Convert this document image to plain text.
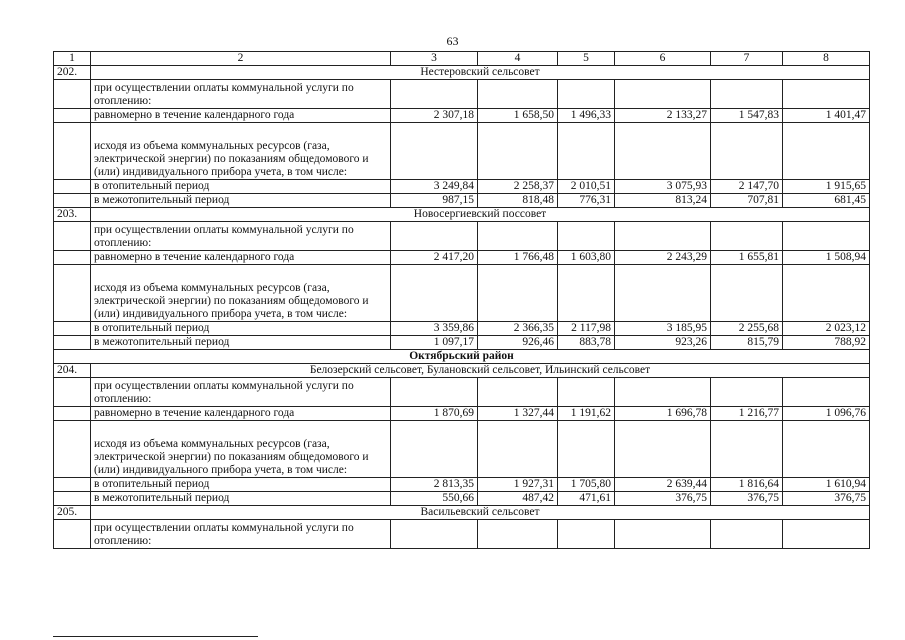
63
1	2	3	4	5	6	7	8
202.	Нестеровский сельсовет						
	при осуществлении оплаты коммунальной услуги по отоплению:						
	равномерно в течение календарного года	2 307,18	1 658,50	1 496,33	2 133,27	1 547,83	1 401,47
	исходя из объема коммунальных ресурсов (газа, электрической энергии) по показаниям общедомового и (или) индивидуального прибора учета, в том числе:						
	в отопительный период	3 249,84	2 258,37	2 010,51	3 075,93	2 147,70	1 915,65
	в межотопительный период	987,15	818,48	776,31	813,24	707,81	681,45
203.	Новосергиевский поссовет						
	при осуществлении оплаты коммунальной услуги по отоплению:						
	равномерно в течение календарного года	2 417,20	1 766,48	1 603,80	2 243,29	1 655,81	1 508,94
	исходя из объема коммунальных ресурсов (газа, электрической энергии) по показаниям общедомового и (или) индивидуального прибора учета, в том числе:						
	в отопительный период	3 359,86	2 366,35	2 117,98	3 185,95	2 255,68	2 023,12
	в межотопительный период	1 097,17	926,46	883,78	923,26	815,79	788,92
Октябрьский район							
204.	Белозерский сельсовет, Булановский сельсовет, Ильинский сельсовет						
	при осуществлении оплаты коммунальной услуги по отоплению:						
	равномерно в течение календарного года	1 870,69	1 327,44	1 191,62	1 696,78	1 216,77	1 096,76
	исходя из объема коммунальных ресурсов (газа, электрической энергии) по показаниям общедомового и (или) индивидуального прибора учета, в том числе:						
	в отопительный период	2 813,35	1 927,31	1 705,80	2 639,44	1 816,64	1 610,94
	в межотопительный период	550,66	487,42	471,61	376,75	376,75	376,75
205.	Васильевский сельсовет						
	при осуществлении оплаты коммунальной услуги по отоплению:						
